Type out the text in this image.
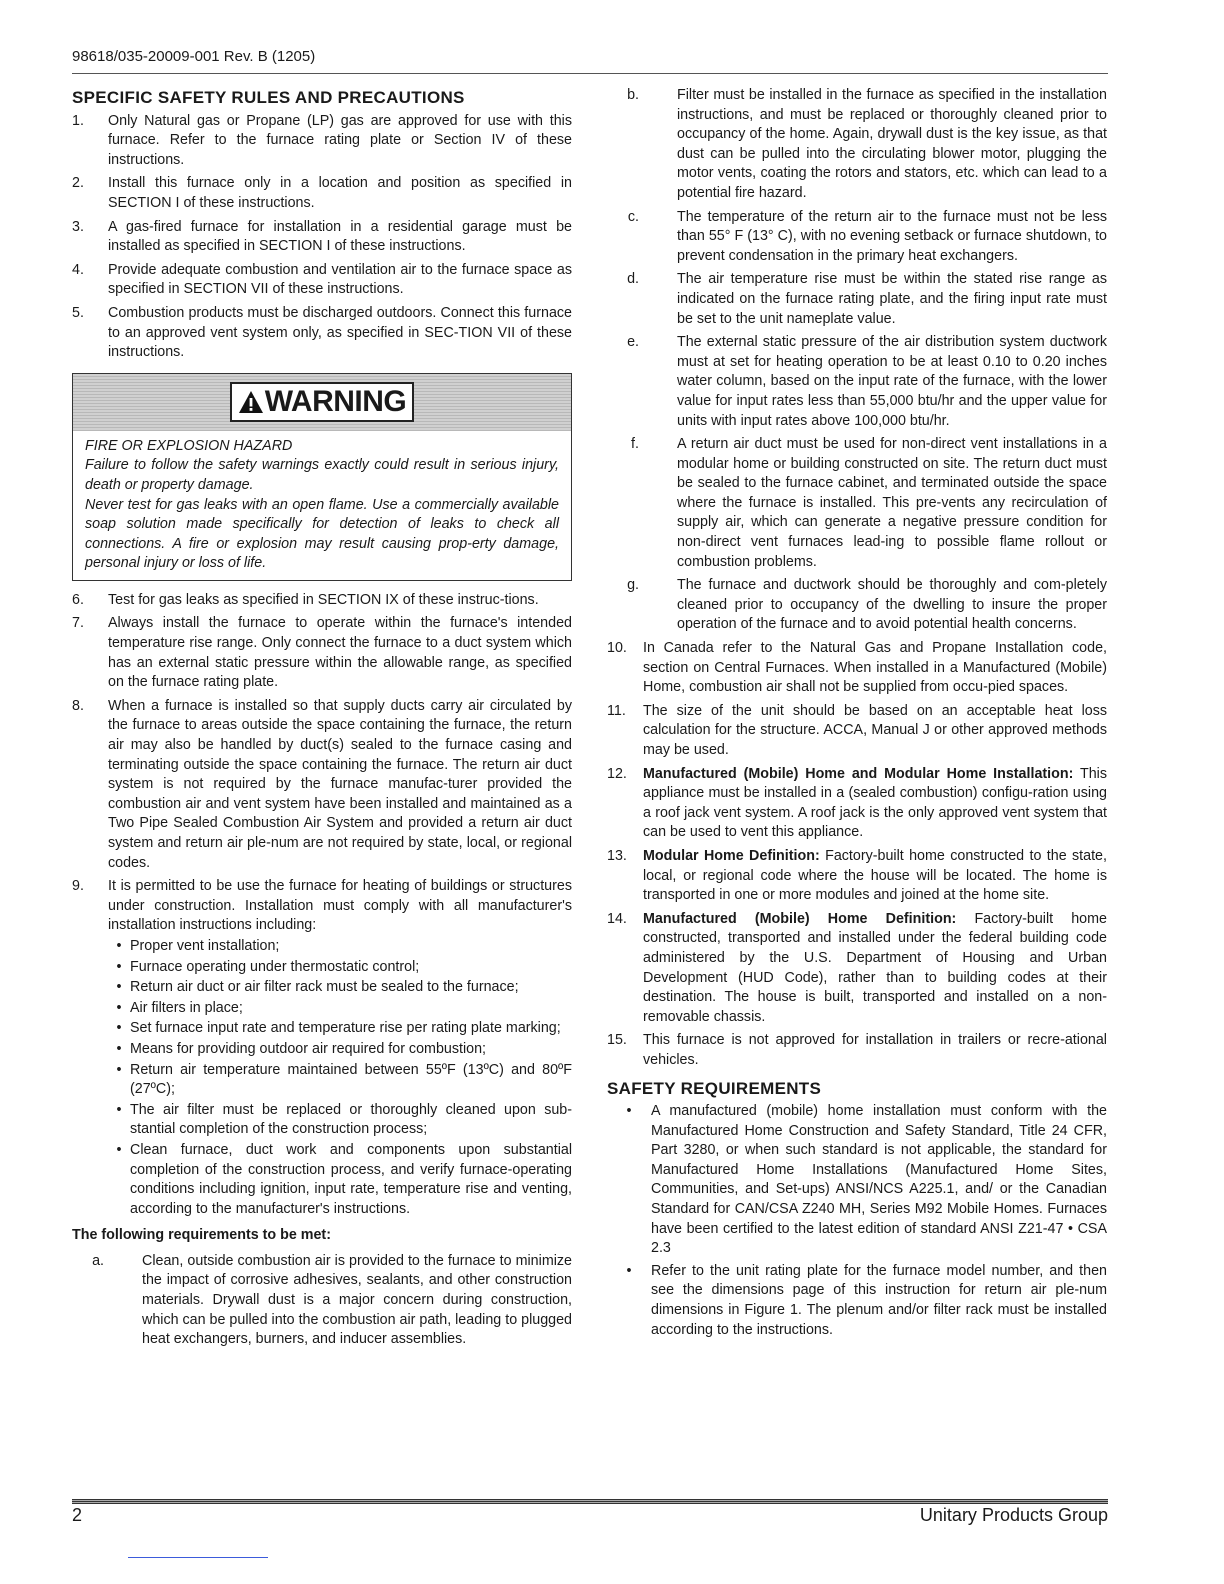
98618/035-20009-001 Rev. B (1205)
SPECIFIC SAFETY RULES AND PRECAUTIONS
1.	Only Natural gas or Propane (LP) gas are approved for use with this furnace. Refer to the furnace rating plate or Section IV of these instructions.
2.	Install this furnace only in a location and position as specified in SECTION I of these instructions.
3.	A gas-fired furnace for installation in a residential garage must be installed as specified in SECTION I of these instructions.
4.	Provide adequate combustion and ventilation air to the furnace space as specified in SECTION VII of these instructions.
5.	Combustion products must be discharged outdoors. Connect this furnace to an approved vent system only, as specified in SEC-TION VII of these instructions.
WARNING

FIRE OR EXPLOSION HAZARD

Failure to follow the safety warnings exactly could result in serious injury, death or property damage.

Never test for gas leaks with an open flame. Use a commercially available soap solution made specifically for detection of leaks to check all connections. A fire or explosion may result causing prop-erty damage, personal injury or loss of life.

6.	Test for gas leaks as specified in SECTION IX of these instruc-tions.
7.	Always install the furnace to operate within the furnace's intended temperature rise range. Only connect the furnace to a duct system which has an external static pressure within the allowable range, as specified on the furnace rating plate.
8.	When a furnace is installed so that supply ducts carry air circulated by the furnace to areas outside the space containing the furnace, the return air may also be handled by duct(s) sealed to the furnace casing and terminating outside the space containing the furnace. The return air duct system is not required by the furnace manufac-turer provided the combustion air and vent system have been installed and maintained as a Two Pipe Sealed Combustion Air System and provided a return air duct system and return air ple-num are not required by state, local, or regional codes.
9.	It is permitted to be use the furnace for heating of buildings or structures under construction. Installation must comply with all manufacturer's installation instructions including:
• Proper vent installation;
• Furnace operating under thermostatic control;
• Return air duct or air filter rack must be sealed to the furnace;
• Air filters in place;
• Set furnace input rate and temperature rise per rating plate marking;
• Means for providing outdoor air required for combustion;
• Return air temperature maintained between 55ºF (13ºC) and 80ºF (27ºC);
• The air filter must be replaced or thoroughly cleaned upon sub-stantial completion of the construction process;
• Clean furnace, duct work and components upon substantial completion of the construction process, and verify furnace-operating conditions including ignition, input rate, temperature rise and venting, according to the manufacturer's instructions.
The following requirements to be met:
a.	Clean, outside combustion air is provided to the furnace to minimize the impact of corrosive adhesives, sealants, and other construction materials. Drywall dust is a major concern during construction, which can be pulled into the combustion air path, leading to plugged heat exchangers, burners, and inducer assemblies.
b.	Filter must be installed in the furnace as specified in the installation instructions, and must be replaced or thoroughly cleaned prior to occupancy of the home. Again, drywall dust is the key issue, as that dust can be pulled into the circulating blower motor, plugging the motor vents, coating the rotors and stators, etc. which can lead to a potential fire hazard.
c.	The temperature of the return air to the furnace must not be less than 55° F (13° C), with no evening setback or furnace shutdown, to prevent condensation in the primary heat exchangers.
d.	The air temperature rise must be within the stated rise range as indicated on the furnace rating plate, and the firing input rate must be set to the unit nameplate value.
e.	The external static pressure of the air distribution system ductwork must at set for heating operation to be at least 0.10 to 0.20 inches water column, based on the input rate of the furnace, with the lower value for input rates less than 55,000 btu/hr and the upper value for units with input rates above 100,000 btu/hr.
f.	A return air duct must be used for non-direct vent installations in a modular home or building constructed on site. The return duct must be sealed to the furnace cabinet, and terminated outside the space where the furnace is installed. This pre-vents any recirculation of supply air, which can generate a negative pressure condition for non-direct vent furnaces lead-ing to possible flame rollout or combustion problems.
g.	The furnace and ductwork should be thoroughly and com-pletely cleaned prior to occupancy of the dwelling to insure the proper operation of the furnace and to avoid potential health concerns.
10.	In Canada refer to the Natural Gas and Propane Installation code, section on Central Furnaces. When installed in a Manufactured (Mobile) Home, combustion air shall not be supplied from occu-pied spaces.
11.	The size of the unit should be based on an acceptable heat loss calculation for the structure. ACCA, Manual J or other approved methods may be used.
12.	Manufactured (Mobile) Home and Modular Home Installation: This appliance must be installed in a (sealed combustion) configu-ration using a roof jack vent system. A roof jack is the only approved vent system that can be used to vent this appliance.
13.	Modular Home Definition: Factory-built home constructed to the state, local, or regional code where the house will be located. The home is transported in one or more modules and joined at the home site.
14.	Manufactured (Mobile) Home Definition: Factory-built home constructed, transported and installed under the federal building code administered by the U.S. Department of Housing and Urban Development (HUD Code), rather than to building codes at their destination. The house is built, transported and installed on a non-removable chassis.
15.	This furnace is not approved for installation in trailers or recre-ational vehicles.
SAFETY REQUIREMENTS
•	A manufactured (mobile) home installation must conform with the Manufactured Home Construction and Safety Standard, Title 24 CFR, Part 3280, or when such standard is not applicable, the standard for Manufactured Home Installations (Manufactured Home Sites, Communities, and Set-ups) ANSI/NCS A225.1, and/ or the Canadian Standard for CAN/CSA Z240 MH, Series M92 Mobile Homes. Furnaces have been certified to the latest edition of standard ANSI Z21-47 • CSA 2.3
•	Refer to the unit rating plate for the furnace model number, and then see the dimensions page of this instruction for return air ple-num dimensions in Figure 1. The plenum and/or filter rack must be installed according to the instructions.
2	Unitary Products Group
